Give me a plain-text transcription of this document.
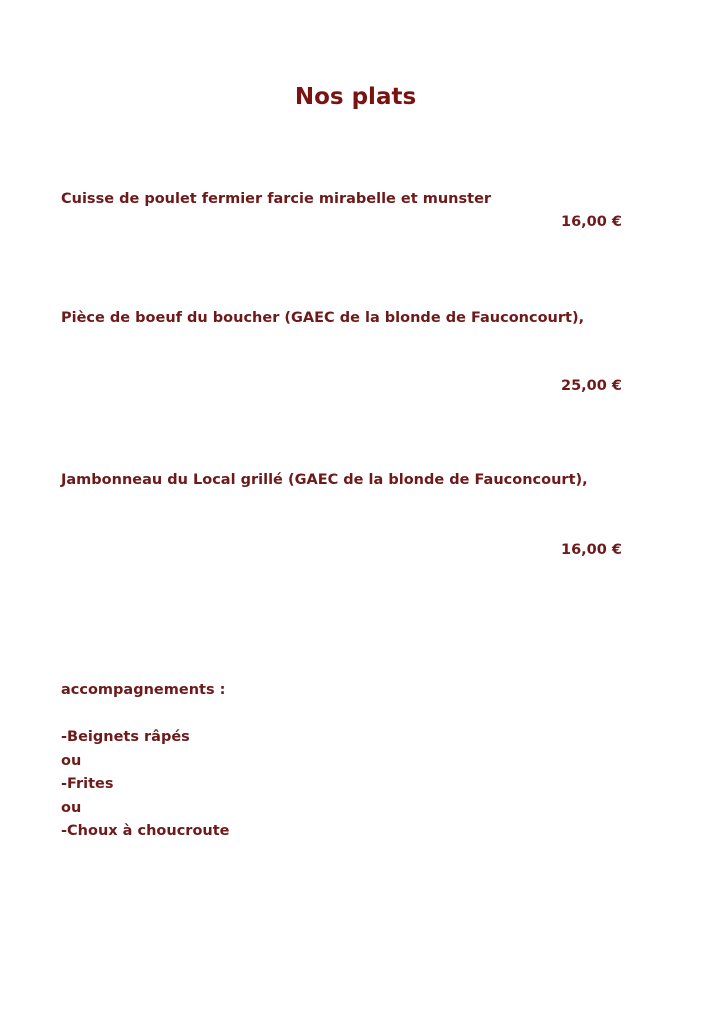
Nos plats
Cuisse de poulet fermier farcie mirabelle et munster
16,00 €
Pièce de boeuf du boucher (GAEC de la blonde de Fauconcourt),
25,00 €
Jambonneau du Local grillé (GAEC de la blonde de Fauconcourt),
16,00 €
accompagnements :
-Beignets râpés
ou
-Frites
ou
-Choux à choucroute
